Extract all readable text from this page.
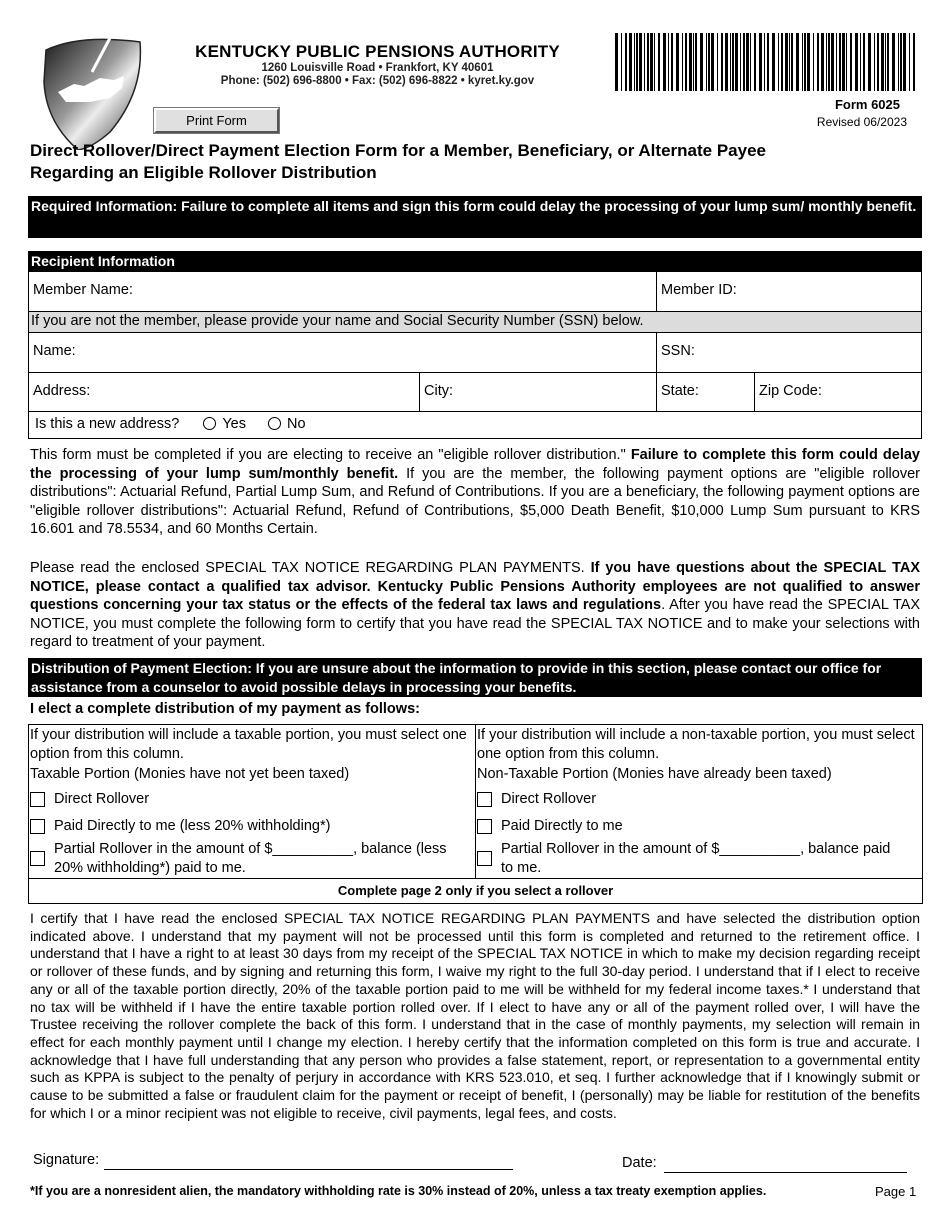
KENTUCKY PUBLIC PENSIONS AUTHORITY
1260 Louisville Road • Frankfort, KY 40601
Phone: (502) 696-8800 • Fax: (502) 696-8822 • kyret.ky.gov
Form 6025
Revised 06/2023
Print Form
Direct Rollover/Direct Payment Election Form for a Member, Beneficiary, or Alternate Payee
Regarding an Eligible Rollover Distribution
Required Information: Failure to complete all items and sign this form could delay the processing of your lump sum/ monthly benefit.
Recipient Information
Member Name:	Member ID:
If you are not the member, please provide your name and Social Security Number (SSN) below.
Name:	SSN:
Address:	City:	State:	Zip Code:
Is this a new address?	Yes	No
This form must be completed if you are electing to receive an "eligible rollover distribution." Failure to complete this form could delay the processing of your lump sum/monthly benefit. If you are the member, the following payment options are "eligible rollover distributions": Actuarial Refund, Partial Lump Sum, and Refund of Contributions. If you are a beneficiary, the following payment options are "eligible rollover distributions": Actuarial Refund, Refund of Contributions, $5,000 Death Benefit, $10,000 Lump Sum pursuant to KRS 16.601 and 78.5534, and 60 Months Certain.
Please read the enclosed SPECIAL TAX NOTICE REGARDING PLAN PAYMENTS. If you have questions about the SPECIAL TAX NOTICE, please contact a qualified tax advisor. Kentucky Public Pensions Authority employees are not qualified to answer questions concerning your tax status or the effects of the federal tax laws and regulations. After you have read the SPECIAL TAX NOTICE, you must complete the following form to certify that you have read the SPECIAL TAX NOTICE and to make your selections with regard to treatment of your payment.
Distribution of Payment Election: If you are unsure about the information to provide in this section, please contact our office for assistance from a counselor to avoid possible delays in processing your benefits.
I elect a complete distribution of my payment as follows:
If your distribution will include a taxable portion, you must select one option from this column.
Taxable Portion (Monies have not yet been taxed)
Direct Rollover
Paid Directly to me (less 20% withholding*)
Partial Rollover in the amount of $__________, balance (less 20% withholding*) paid to me.
If your distribution will include a non-taxable portion, you must select one option from this column.
Non-Taxable Portion (Monies have already been taxed)
Direct Rollover
Paid Directly to me
Partial Rollover in the amount of $__________, balance paid to me.
Complete page 2 only if you select a rollover
I certify that I have read the enclosed SPECIAL TAX NOTICE REGARDING PLAN PAYMENTS and have selected the distribution option indicated above. I understand that my payment will not be processed until this form is completed and returned to the retirement office. I understand that I have a right to at least 30 days from my receipt of the SPECIAL TAX NOTICE in which to make my decision regarding receipt or rollover of these funds, and by signing and returning this form, I waive my right to the full 30-day period. I understand that if I elect to receive any or all of the taxable portion directly, 20% of the taxable portion paid to me will be withheld for my federal income taxes.* I understand that no tax will be withheld if I have the entire taxable portion rolled over. If I elect to have any or all of the payment rolled over, I will have the Trustee receiving the rollover complete the back of this form. I understand that in the case of monthly payments, my selection will remain in effect for each monthly payment until I change my election. I hereby certify that the information completed on this form is true and accurate. I acknowledge that I have full understanding that any person who provides a false statement, report, or representation to a governmental entity such as KPPA is subject to the penalty of perjury in accordance with KRS 523.010, et seq. I further acknowledge that if I knowingly submit or cause to be submitted a false or fraudulent claim for the payment or receipt of benefit, I (personally) may be liable for restitution of the benefits for which I or a minor recipient was not eligible to receive, civil payments, legal fees, and costs.
Signature:	Date:
*If you are a nonresident alien, the mandatory withholding rate is 30% instead of 20%, unless a tax treaty exemption applies.	Page 1
